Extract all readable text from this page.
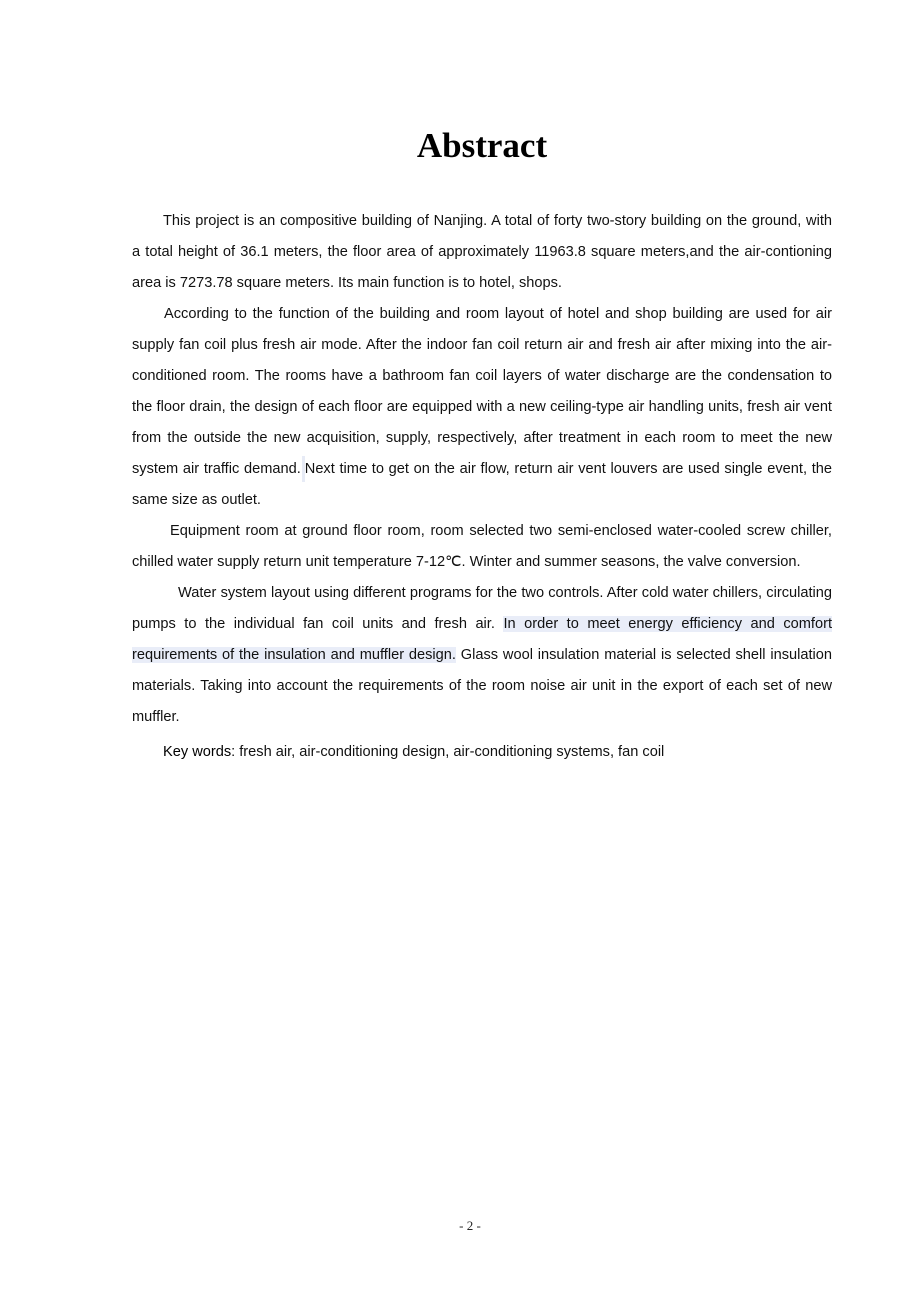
Abstract

This project is an compositive building of Nanjing. A total of forty two-story building on the ground, with a total height of 36.1 meters, the floor area of approximately 11963.8 square meters,and the air-contioning area is 7273.78 square meters. Its main function is to hotel, shops.

According to the function of the building and room layout of hotel and shop building are used for air supply fan coil plus fresh air mode. After the indoor fan coil return air and fresh air after mixing into the air-conditioned room. The rooms have a bathroom fan coil layers of water discharge are the condensation to the floor drain, the design of each floor are equipped with a new ceiling-type air handling units, fresh air vent from the outside the new acquisition, supply, respectively, after treatment in each room to meet the new system air traffic demand. Next time to get on the air flow, return air vent louvers are used single event, the same size as outlet.

Equipment room at ground floor room, room selected two semi-enclosed water-cooled screw chiller, chilled water supply return unit temperature 7-12℃. Winter and summer seasons, the valve conversion.

Water system layout using different programs for the two controls. After cold water chillers, circulating pumps to the individual fan coil units and fresh air. In order to meet energy efficiency and comfort requirements of the insulation and muffler design. Glass wool insulation material is selected shell insulation materials. Taking into account the requirements of the room noise air unit in the export of each set of new muffler.

Key words: fresh air, air-conditioning design, air-conditioning systems, fan coil

- 2 -
